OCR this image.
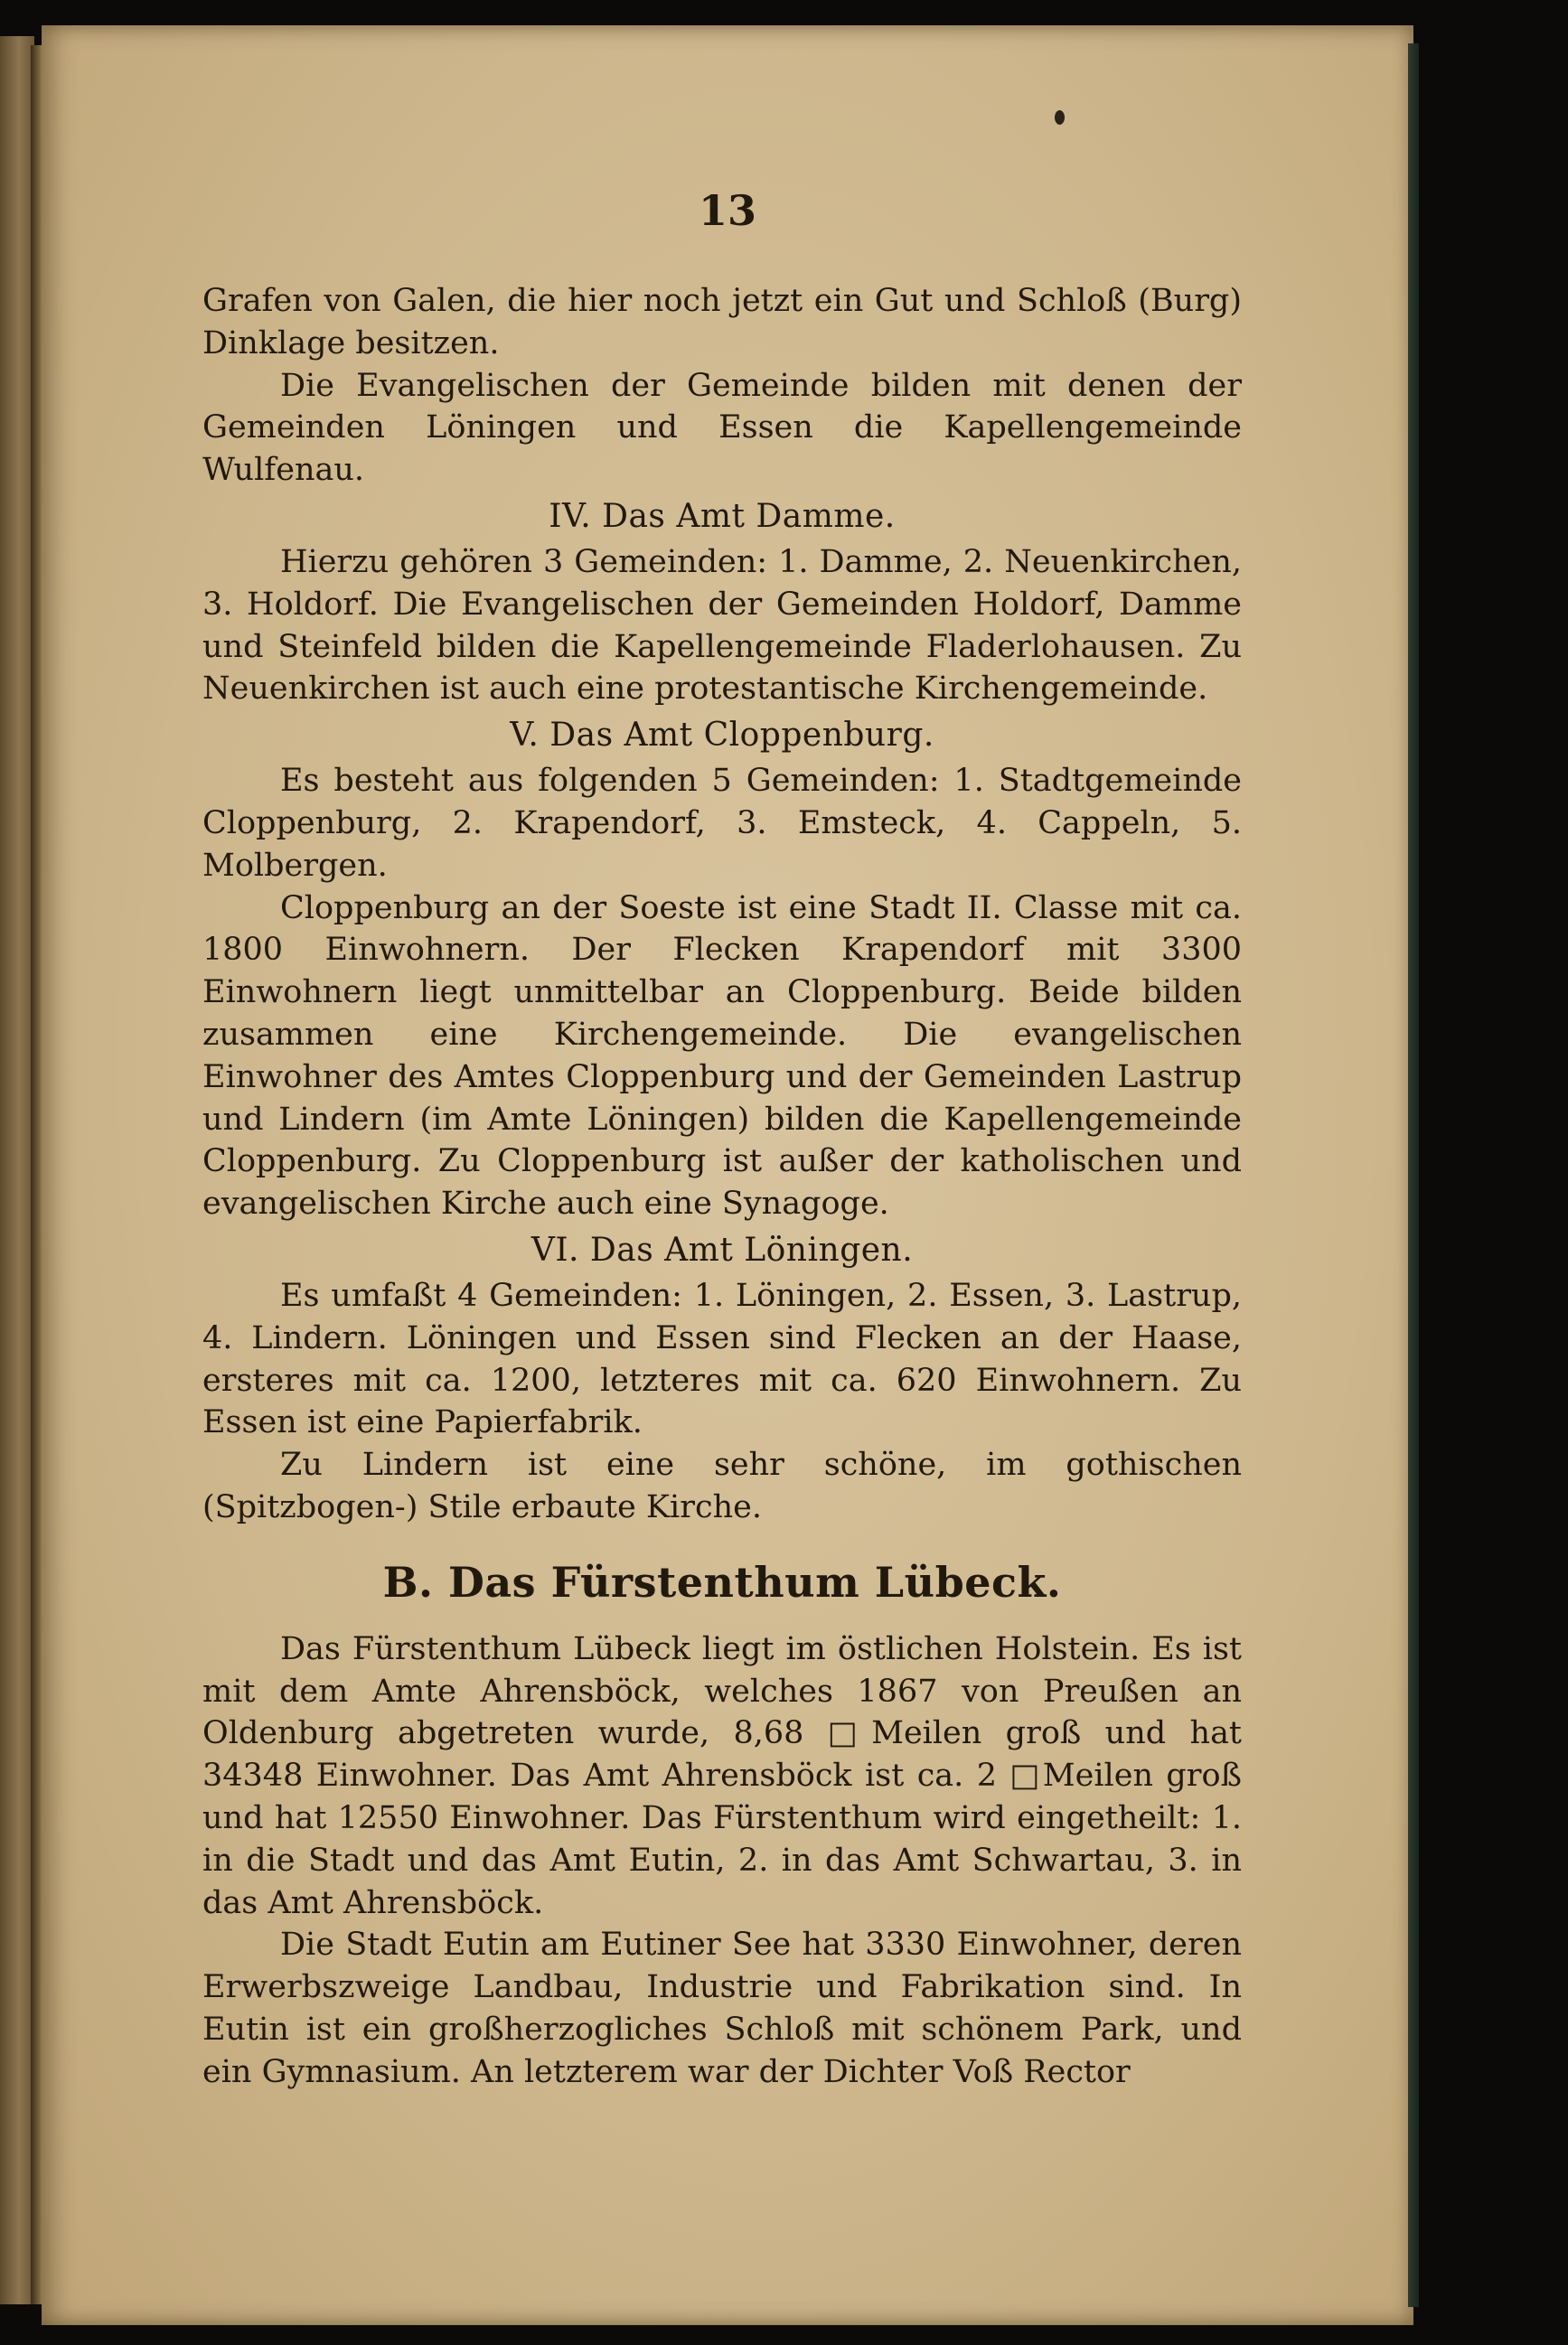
13

Grafen von Galen, die hier noch jetzt ein Gut und Schloß (Burg) Dinklage besitzen.

Die Evangelischen der Gemeinde bilden mit denen der Gemeinden Löningen und Essen die Kapellengemeinde Wulfenau.

IV. Das Amt Damme.

Hierzu gehören 3 Gemeinden: 1. Damme, 2. Neuenkirchen, 3. Holdorf. Die Evangelischen der Gemeinden Holdorf, Damme und Steinfeld bilden die Kapellengemeinde Fladerlohausen. Zu Neuenkirchen ist auch eine protestantische Kirchengemeinde.

V. Das Amt Cloppenburg.

Es besteht aus folgenden 5 Gemeinden: 1. Stadtgemeinde Cloppenburg, 2. Krapendorf, 3. Emsteck, 4. Cappeln, 5. Molbergen.

Cloppenburg an der Soeste ist eine Stadt II. Classe mit ca. 1800 Einwohnern. Der Flecken Krapendorf mit 3300 Einwohnern liegt unmittelbar an Cloppenburg. Beide bilden zusammen eine Kirchengemeinde. Die evangelischen Einwohner des Amtes Cloppenburg und der Gemeinden Lastrup und Lindern (im Amte Löningen) bilden die Kapellengemeinde Cloppenburg. Zu Cloppenburg ist außer der katholischen und evangelischen Kirche auch eine Synagoge.

VI. Das Amt Löningen.

Es umfaßt 4 Gemeinden: 1. Löningen, 2. Essen, 3. Lastrup, 4. Lindern. Löningen und Essen sind Flecken an der Haase, ersteres mit ca. 1200, letzteres mit ca. 620 Einwohnern. Zu Essen ist eine Papierfabrik.

Zu Lindern ist eine sehr schöne, im gothischen (Spitzbogen-) Stile erbaute Kirche.

B. Das Fürstenthum Lübeck.

Das Fürstenthum Lübeck liegt im östlichen Holstein. Es ist mit dem Amte Ahrensböck, welches 1867 von Preußen an Oldenburg abgetreten wurde, 8,68 □Meilen groß und hat 34348 Einwohner. Das Amt Ahrensböck ist ca. 2 □Meilen groß und hat 12550 Einwohner. Das Fürstenthum wird eingetheilt: 1. in die Stadt und das Amt Eutin, 2. in das Amt Schwartau, 3. in das Amt Ahrensböck.

Die Stadt Eutin am Eutiner See hat 3330 Einwohner, deren Erwerbszweige Landbau, Industrie und Fabrikation sind. In Eutin ist ein großherzogliches Schloß mit schönem Park, und ein Gymnasium. An letzterem war der Dichter Voß Rector
